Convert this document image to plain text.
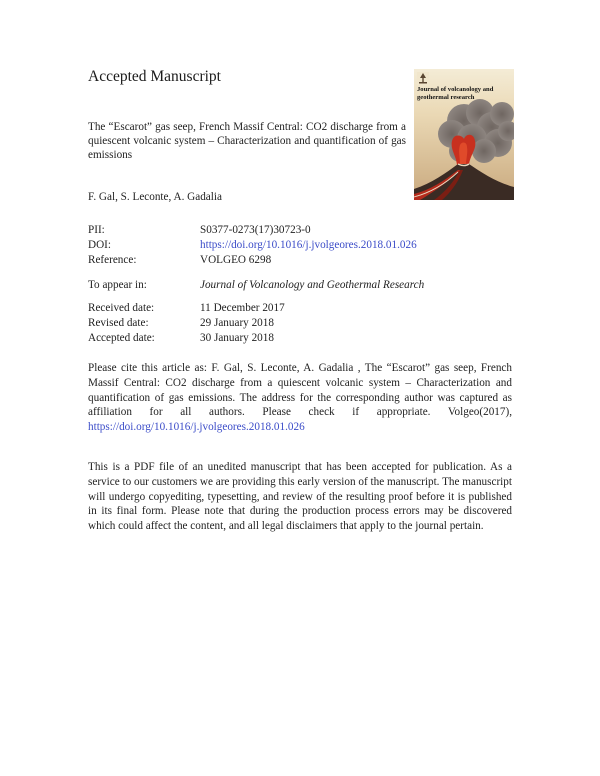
Accepted Manuscript
The “Escarot” gas seep, French Massif Central: CO2 discharge from a quiescent volcanic system – Characterization and quantification of gas emissions
Journal of volcanology and geothermal research
F. Gal, S. Leconte, A. Gadalia
PII:	S0377-0273(17)30723-0
DOI:	https://doi.org/10.1016/j.jvolgeores.2018.01.026
Reference:	VOLGEO 6298
To appear in:	Journal of Volcanology and Geothermal Research
Received date:	11 December 2017
Revised date:	29 January 2018
Accepted date:	30 January 2018
Please cite this article as: F. Gal, S. Leconte, A. Gadalia , The “Escarot” gas seep, French Massif Central: CO2 discharge from a quiescent volcanic system – Characterization and quantification of gas emissions. The address for the corresponding author was captured as affiliation for all authors. Please check if appropriate. Volgeo(2017), https://doi.org/10.1016/j.jvolgeores.2018.01.026
This is a PDF file of an unedited manuscript that has been accepted for publication. As a service to our customers we are providing this early version of the manuscript. The manuscript will undergo copyediting, typesetting, and review of the resulting proof before it is published in its final form. Please note that during the production process errors may be discovered which could affect the content, and all legal disclaimers that apply to the journal pertain.
